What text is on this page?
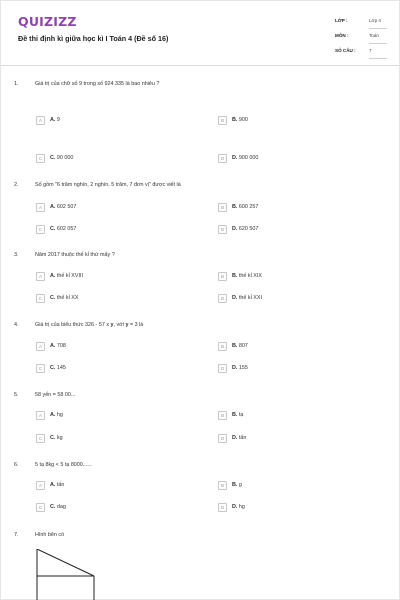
QUIZIZZ
Đề thi định kì giữa học kì I Toán 4 (Đề số 16)
LỚP :	Lớp 4
MÔN :	Toán
SỐ CÂU :	7
1.	Giá trị của chữ số 9 trong số 924 335 là bao nhiêu ?
A	A. 9	B	B. 900
C	C. 90 000	D	D. 900 000
2.	Số gồm "6 trăm nghìn, 2 nghìn, 5 trăm, 7 đơn vị" được viết là
A	A. 602 507	B	B. 600 257
C	C. 602 057	D	D. 620 507
3.	Năm 2017 thuộc thế kỉ thứ mấy ?
A	A. thế kỉ XVIII	B	B. thế kỉ XIX
C	C. thế kỉ XX	D	D. thế kỉ XXI
4.	Giá trị của biểu thức 326 - 57 x y, với y = 3 là
A	A. 708	B	B. 807
C	C. 145	D	D. 155
5.	58 yến = 58 00...
A	A. hg	B	B. tạ
C	C. kg	D	D. tấn
6.	5 tạ 8kg < 5 tạ 8000......
A	A. tấn	B	B. g
C	C. dag	D	D. hg
7.	Hình bên có
